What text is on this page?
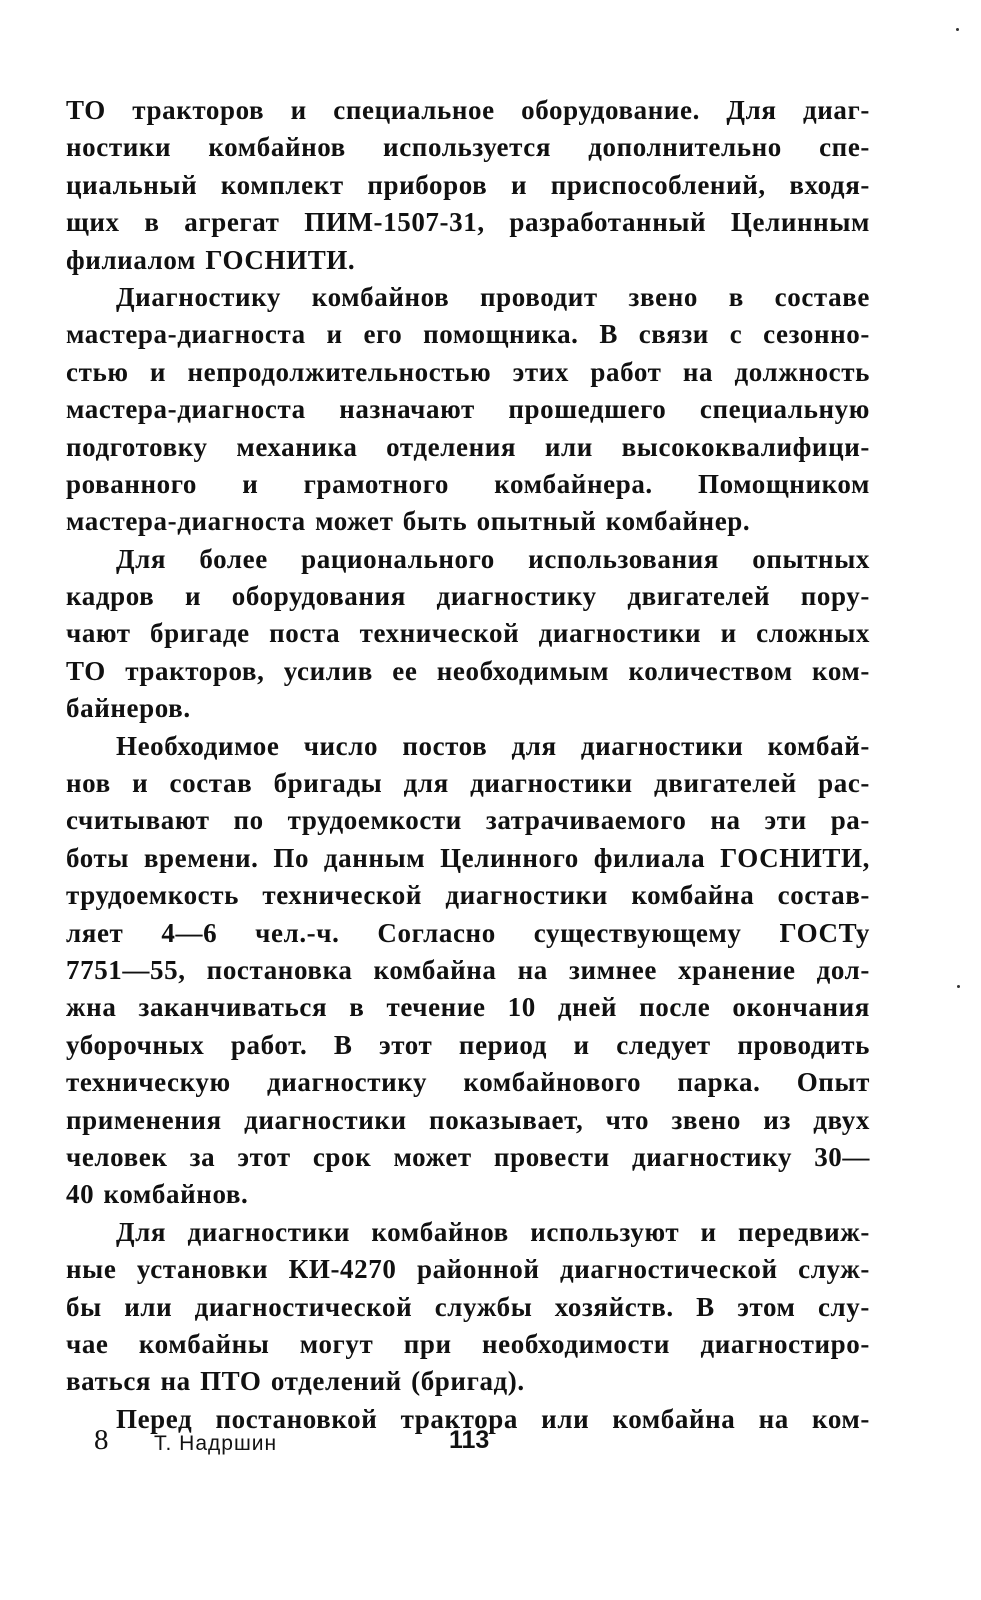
ТО тракторов и специальное оборудование. Для диаг-
ностики комбайнов используется дополнительно спе-
циальный комплект приборов и приспособлений, входя-
щих в агрегат ПИМ-1507-31, разработанный Целинным
филиалом ГОСНИТИ.
Диагностику комбайнов проводит звено в составе
мастера-диагноста и его помощника. В связи с сезонно-
стью и непродолжительностью этих работ на должность
мастера-диагноста назначают прошедшего специальную
подготовку механика отделения или высококвалифици-
рованного и грамотного комбайнера. Помощником
мастера-диагноста может быть опытный комбайнер.
Для более рационального использования опытных
кадров и оборудования диагностику двигателей пору-
чают бригаде поста технической диагностики и сложных
ТО тракторов, усилив ее необходимым количеством ком-
байнеров.
Необходимое число постов для диагностики комбай-
нов и состав бригады для диагностики двигателей рас-
считывают по трудоемкости затрачиваемого на эти ра-
боты времени. По данным Целинного филиала ГОСНИТИ,
трудоемкость технической диагностики комбайна состав-
ляет 4—6 чел.-ч. Согласно существующему ГОСТу
7751—55, постановка комбайна на зимнее хранение дол-
жна заканчиваться в течение 10 дней после окончания
уборочных работ. В этот период и следует проводить
техническую диагностику комбайнового парка. Опыт
применения диагностики показывает, что звено из двух
человек за этот срок может провести диагностику 30—
40 комбайнов.
Для диагностики комбайнов используют и передвиж-
ные установки КИ-4270 районной диагностической служ-
бы или диагностической службы хозяйств. В этом слу-
чае комбайны могут при необходимости диагностиро-
ваться на ПТО отделений (бригад).
Перед постановкой трактора или комбайна на ком-
8 Т. Надршин	113
